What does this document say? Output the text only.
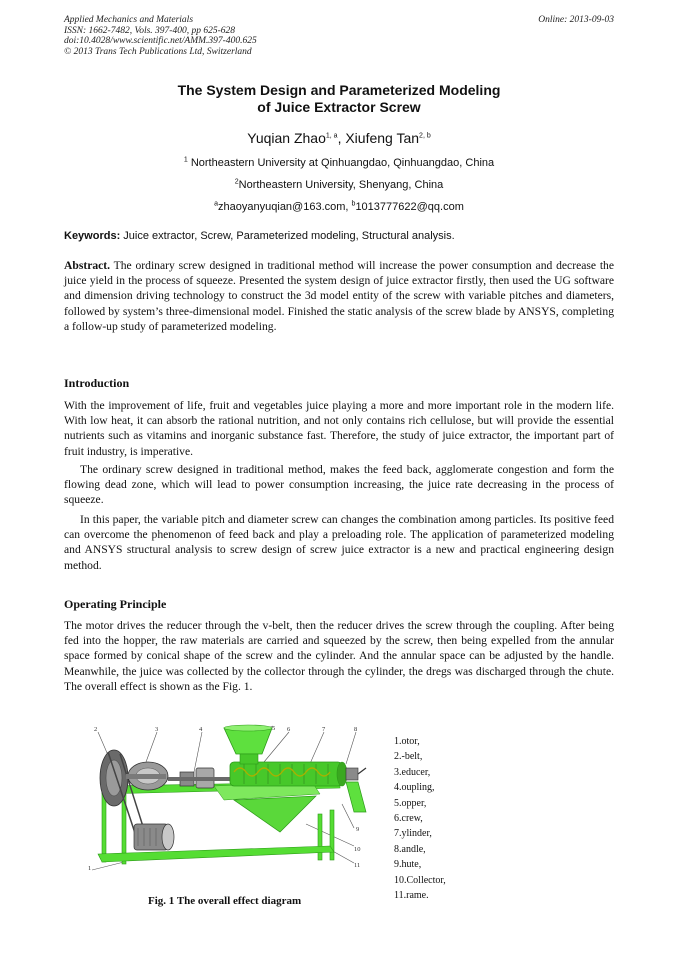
Applied Mechanics and Materials
ISSN: 1662-7482, Vols. 397-400, pp 625-628
doi:10.4028/www.scientific.net/AMM.397-400.625
© 2013 Trans Tech Publications Ltd, Switzerland
Online: 2013-09-03
The System Design and Parameterized Modeling
of Juice Extractor Screw
Yuqian Zhao$^{1, a}$, Xiufeng Tan$^{2, b}$
$^1$ Northeastern University at Qinhuangdao, Qinhuangdao, China
$^2$Northeastern University, Shenyang, China
$^a$zhaoyanyuqian@163.com, $^b$1013777622@qq.com
Keywords: Juice extractor, Screw, Parameterized modeling, Structural analysis.
Abstract. The ordinary screw designed in traditional method will increase the power consumption and decrease the juice yield in the process of squeeze. Presented the system design of juice extractor firstly, then used the UG software and dimension driving technology to construct the 3d model entity of the screw with variable pitches and diameters, followed by system’s three-dimensional model. Finished the static analysis of the screw blade by ANSYS, completing a follow-up study of parameterized modeling.
Introduction
With the improvement of life, fruit and vegetables juice playing a more and more important role in the modern life. With low heat, it can absorb the rational nutrition, and not only contains rich cellulose, but will provide the essential nutrients such as vitamins and inorganic substance fast. Therefore, the study of juice extractor, the important part of fruit industry, is imperative.
The ordinary screw designed in traditional method, makes the feed back, agglomerate congestion and form the flowing dead zone, which will lead to power consumption increasing, the juice rate decreasing in the process of squeeze.
In this paper, the variable pitch and diameter screw can changes the combination among particles. Its positive feed can overcome the phenomenon of feed back and play a preloading role. The application of parameterized modeling and ANSYS structural analysis to screw design of screw juice extractor is a new and practical engineering design method.
Operating Principle
The motor drives the reducer through the v-belt, then the reducer drives the screw through the coupling. After being fed into the hopper, the raw materials are carried and squeezed by the screw, then being expelled from the annular space formed by conical shape of the screw and the cylinder. And the annular space can be adjusted by the handle. Meanwhile, the juice was collected by the collector through the cylinder, the dregs was discharged through the chute. The overall effect is shown as the Fig. 1.
2	3	4	5 6	7	8
9
10
11
1
1.otor,
2.-belt,
3.educer,
4.oupling,
5.opper,
6.crew,
7.ylinder,
8.andle,
9.hute,
10.Collector,
11.rame.
Fig. 1 The overall effect diagram
